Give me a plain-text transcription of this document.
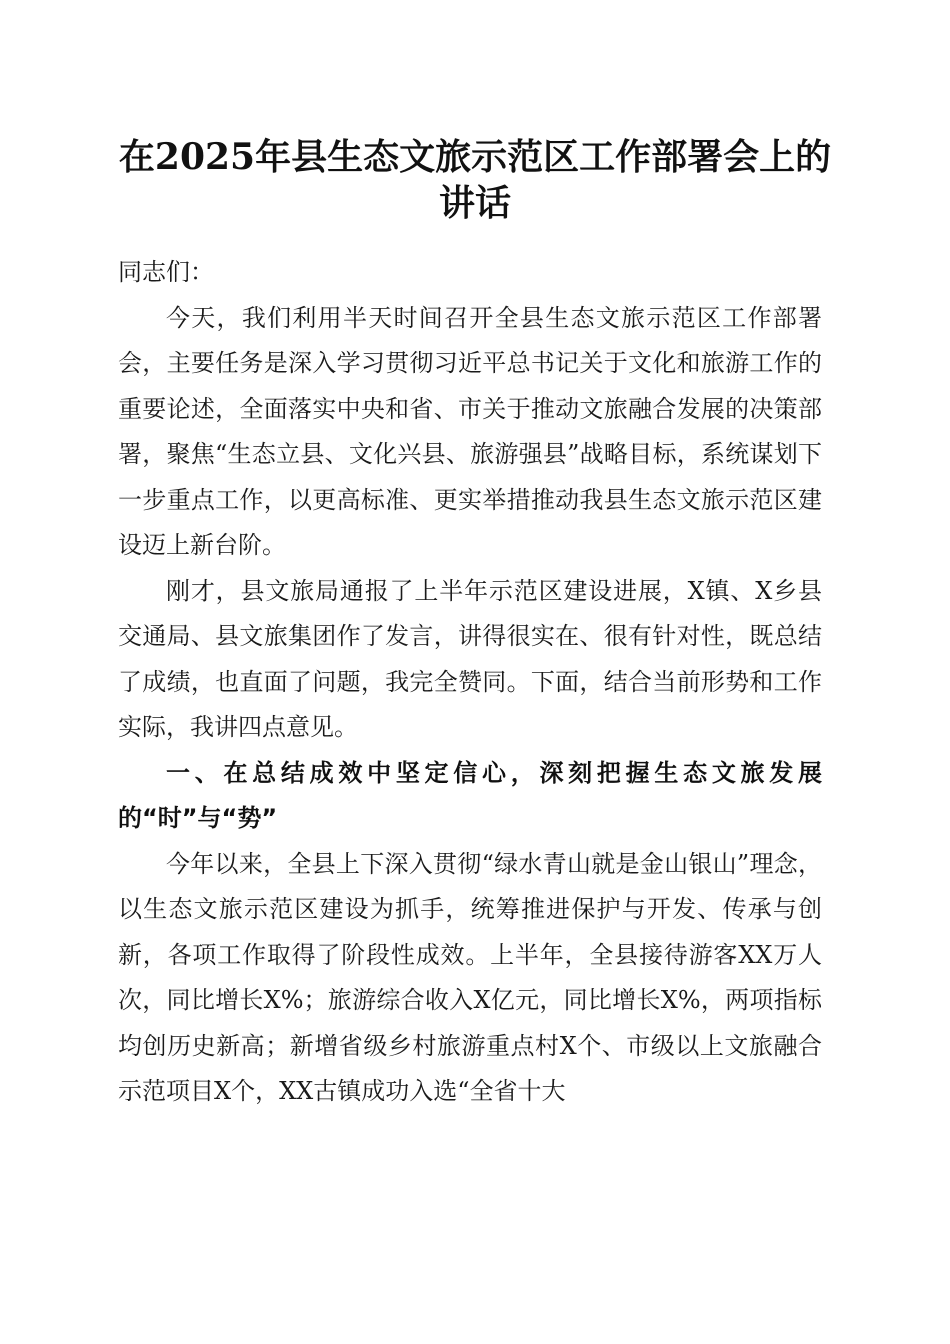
在2025年县生态文旅示范区工作部署会上的讲话

同志们：

今天，我们利用半天时间召开全县生态文旅示范区工作部署会，主要任务是深入学习贯彻习近平总书记关于文化和旅游工作的重要论述，全面落实中央和省、市关于推动文旅融合发展的决策部署，聚焦“生态立县、文化兴县、旅游强县”战略目标，系统谋划下一步重点工作，以更高标准、更实举措推动我县生态文旅示范区建设迈上新台阶。

刚才，县文旅局通报了上半年示范区建设进展，X镇、X乡县交通局、县文旅集团作了发言，讲得很实在、很有针对性，既总结了成绩，也直面了问题，我完全赞同。下面，结合当前形势和工作实际，我讲四点意见。

一、在总结成效中坚定信心，深刻把握生态文旅发展的“时”与“势”

今年以来，全县上下深入贯彻“绿水青山就是金山银山”理念，以生态文旅示范区建设为抓手，统筹推进保护与开发、传承与创新，各项工作取得了阶段性成效。上半年，全县接待游客XX万人次，同比增长X%；旅游综合收入X亿元，同比增长X%，两项指标均创历史新高；新增省级乡村旅游重点村X个、市级以上文旅融合示范项目X个，XX古镇成功入选“全省十大
